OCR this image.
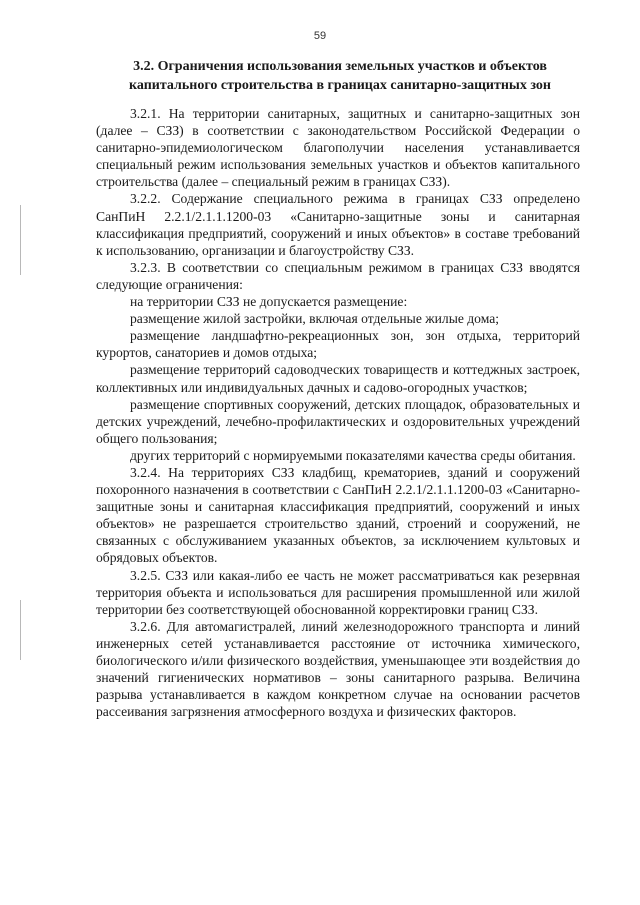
59
3.2. Ограничения использования земельных участков и объектов капитального строительства в границах санитарно-защитных зон

3.2.1. На территории санитарных, защитных и санитарно-защитных зон (далее – СЗЗ) в соответствии с законодательством Российской Федерации о санитарно-эпидемиологическом благополучии населения устанавливается специальный режим использования земельных участков и объектов капитального строительства (далее – специальный режим в границах СЗЗ).

3.2.2. Содержание специального режима в границах СЗЗ определено СанПиН 2.2.1/2.1.1.1200-03 «Санитарно-защитные зоны и санитарная классификация предприятий, сооружений и иных объектов» в составе требований к использованию, организации и благоустройству СЗЗ.

3.2.3. В соответствии со специальным режимом в границах СЗЗ вводятся следующие ограничения:

на территории СЗЗ не допускается размещение:

размещение жилой застройки, включая отдельные жилые дома;

размещение ландшафтно-рекреационных зон, зон отдыха, территорий курортов, санаториев и домов отдыха;

размещение территорий садоводческих товариществ и коттеджных застроек, коллективных или индивидуальных дачных и садово-огородных участков;

размещение спортивных сооружений, детских площадок, образовательных и детских учреждений, лечебно-профилактических и оздоровительных учреждений общего пользования;

других территорий с нормируемыми показателями качества среды обитания.

3.2.4. На территориях СЗЗ кладбищ, крематориев, зданий и сооружений похоронного назначения в соответствии с СанПиН 2.2.1/2.1.1.1200-03 «Санитарно-защитные зоны и санитарная классификация предприятий, сооружений и иных объектов» не разрешается строительство зданий, строений и сооружений, не связанных с обслуживанием указанных объектов, за исключением культовых и обрядовых объектов.

3.2.5. СЗЗ или какая-либо ее часть не может рассматриваться как резервная территория объекта и использоваться для расширения промышленной или жилой территории без соответствующей обоснованной корректировки границ СЗЗ.

3.2.6. Для автомагистралей, линий железнодорожного транспорта и линий инженерных сетей устанавливается расстояние от источника химического, биологического и/или физического воздействия, уменьшающее эти воздействия до значений гигиенических нормативов – зоны санитарного разрыва. Величина разрыва устанавливается в каждом конкретном случае на основании расчетов рассеивания загрязнения атмосферного воздуха и физических факторов.
